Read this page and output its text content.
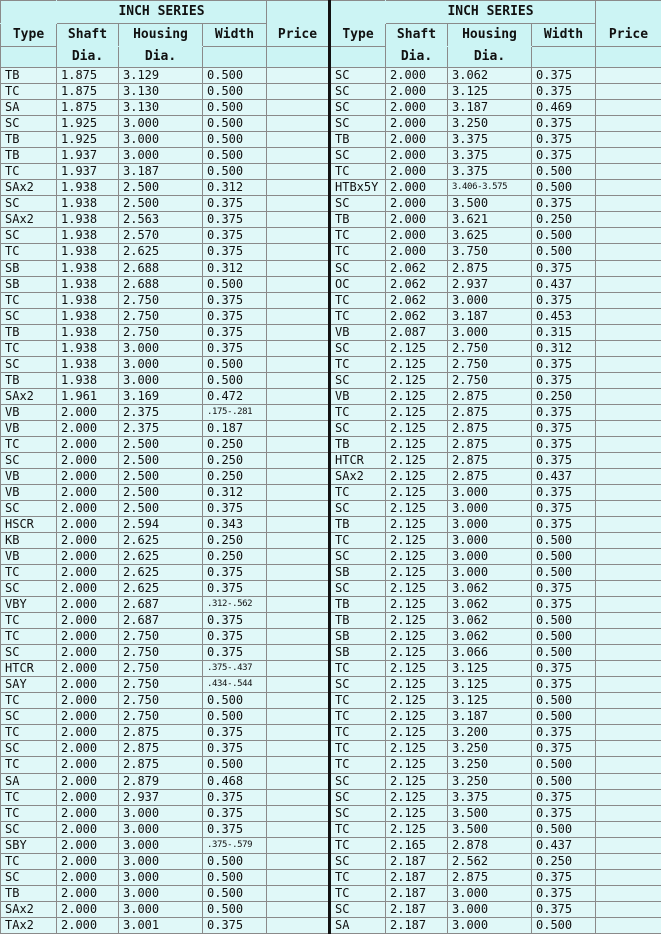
	INCH SERIES					INCH SERIES			
Type	Shaft	Housing	Width	Price	Type	Shaft	Housing	Width	Price
	Dia.	Dia.				Dia.	Dia.		
TB	1.875	3.129	0.500		SC	2.000	3.062	0.375	
TC	1.875	3.130	0.500		SC	2.000	3.125	0.375	
SA	1.875	3.130	0.500		SC	2.000	3.187	0.469	
SC	1.925	3.000	0.500		SC	2.000	3.250	0.375	
TB	1.925	3.000	0.500		TB	2.000	3.375	0.375	
TB	1.937	3.000	0.500		SC	2.000	3.375	0.375	
TC	1.937	3.187	0.500		TC	2.000	3.375	0.500	
SAx2	1.938	2.500	0.312		HTBx5Y	2.000	3.406-3.575	0.500	
SC	1.938	2.500	0.375		SC	2.000	3.500	0.375	
SAx2	1.938	2.563	0.375		TB	2.000	3.621	0.250	
SC	1.938	2.570	0.375		TC	2.000	3.625	0.500	
TC	1.938	2.625	0.375		TC	2.000	3.750	0.500	
SB	1.938	2.688	0.312		SC	2.062	2.875	0.375	
SB	1.938	2.688	0.500		OC	2.062	2.937	0.437	
TC	1.938	2.750	0.375		TC	2.062	3.000	0.375	
SC	1.938	2.750	0.375		TC	2.062	3.187	0.453	
TB	1.938	2.750	0.375		VB	2.087	3.000	0.315	
TC	1.938	3.000	0.375		SC	2.125	2.750	0.312	
SC	1.938	3.000	0.500		TC	2.125	2.750	0.375	
TB	1.938	3.000	0.500		SC	2.125	2.750	0.375	
SAx2	1.961	3.169	0.472		VB	2.125	2.875	0.250	
VB	2.000	2.375	.175-.281		TC	2.125	2.875	0.375	
VB	2.000	2.375	0.187		SC	2.125	2.875	0.375	
TC	2.000	2.500	0.250		TB	2.125	2.875	0.375	
SC	2.000	2.500	0.250		HTCR	2.125	2.875	0.375	
VB	2.000	2.500	0.250		SAx2	2.125	2.875	0.437	
VB	2.000	2.500	0.312		TC	2.125	3.000	0.375	
SC	2.000	2.500	0.375		SC	2.125	3.000	0.375	
HSCR	2.000	2.594	0.343		TB	2.125	3.000	0.375	
KB	2.000	2.625	0.250		TC	2.125	3.000	0.500	
VB	2.000	2.625	0.250		SC	2.125	3.000	0.500	
TC	2.000	2.625	0.375		SB	2.125	3.000	0.500	
SC	2.000	2.625	0.375		SC	2.125	3.062	0.375	
VBY	2.000	2.687	.312-.562		TB	2.125	3.062	0.375	
TC	2.000	2.687	0.375		TB	2.125	3.062	0.500	
TC	2.000	2.750	0.375		SB	2.125	3.062	0.500	
SC	2.000	2.750	0.375		SB	2.125	3.066	0.500	
HTCR	2.000	2.750	.375-.437		TC	2.125	3.125	0.375	
SAY	2.000	2.750	.434-.544		SC	2.125	3.125	0.375	
TC	2.000	2.750	0.500		TC	2.125	3.125	0.500	
SC	2.000	2.750	0.500		TC	2.125	3.187	0.500	
TC	2.000	2.875	0.375		TC	2.125	3.200	0.375	
SC	2.000	2.875	0.375		TC	2.125	3.250	0.375	
TC	2.000	2.875	0.500		TC	2.125	3.250	0.500	
SA	2.000	2.879	0.468		SC	2.125	3.250	0.500	
TC	2.000	2.937	0.375		SC	2.125	3.375	0.375	
TC	2.000	3.000	0.375		SC	2.125	3.500	0.375	
SC	2.000	3.000	0.375		TC	2.125	3.500	0.500	
SBY	2.000	3.000	.375-.579		TC	2.165	2.878	0.437	
TC	2.000	3.000	0.500		SC	2.187	2.562	0.250	
SC	2.000	3.000	0.500		TC	2.187	2.875	0.375	
TB	2.000	3.000	0.500		TC	2.187	3.000	0.375	
SAx2	2.000	3.000	0.500		SC	2.187	3.000	0.375	
TAx2	2.000	3.001	0.375		SA	2.187	3.000	0.500	
